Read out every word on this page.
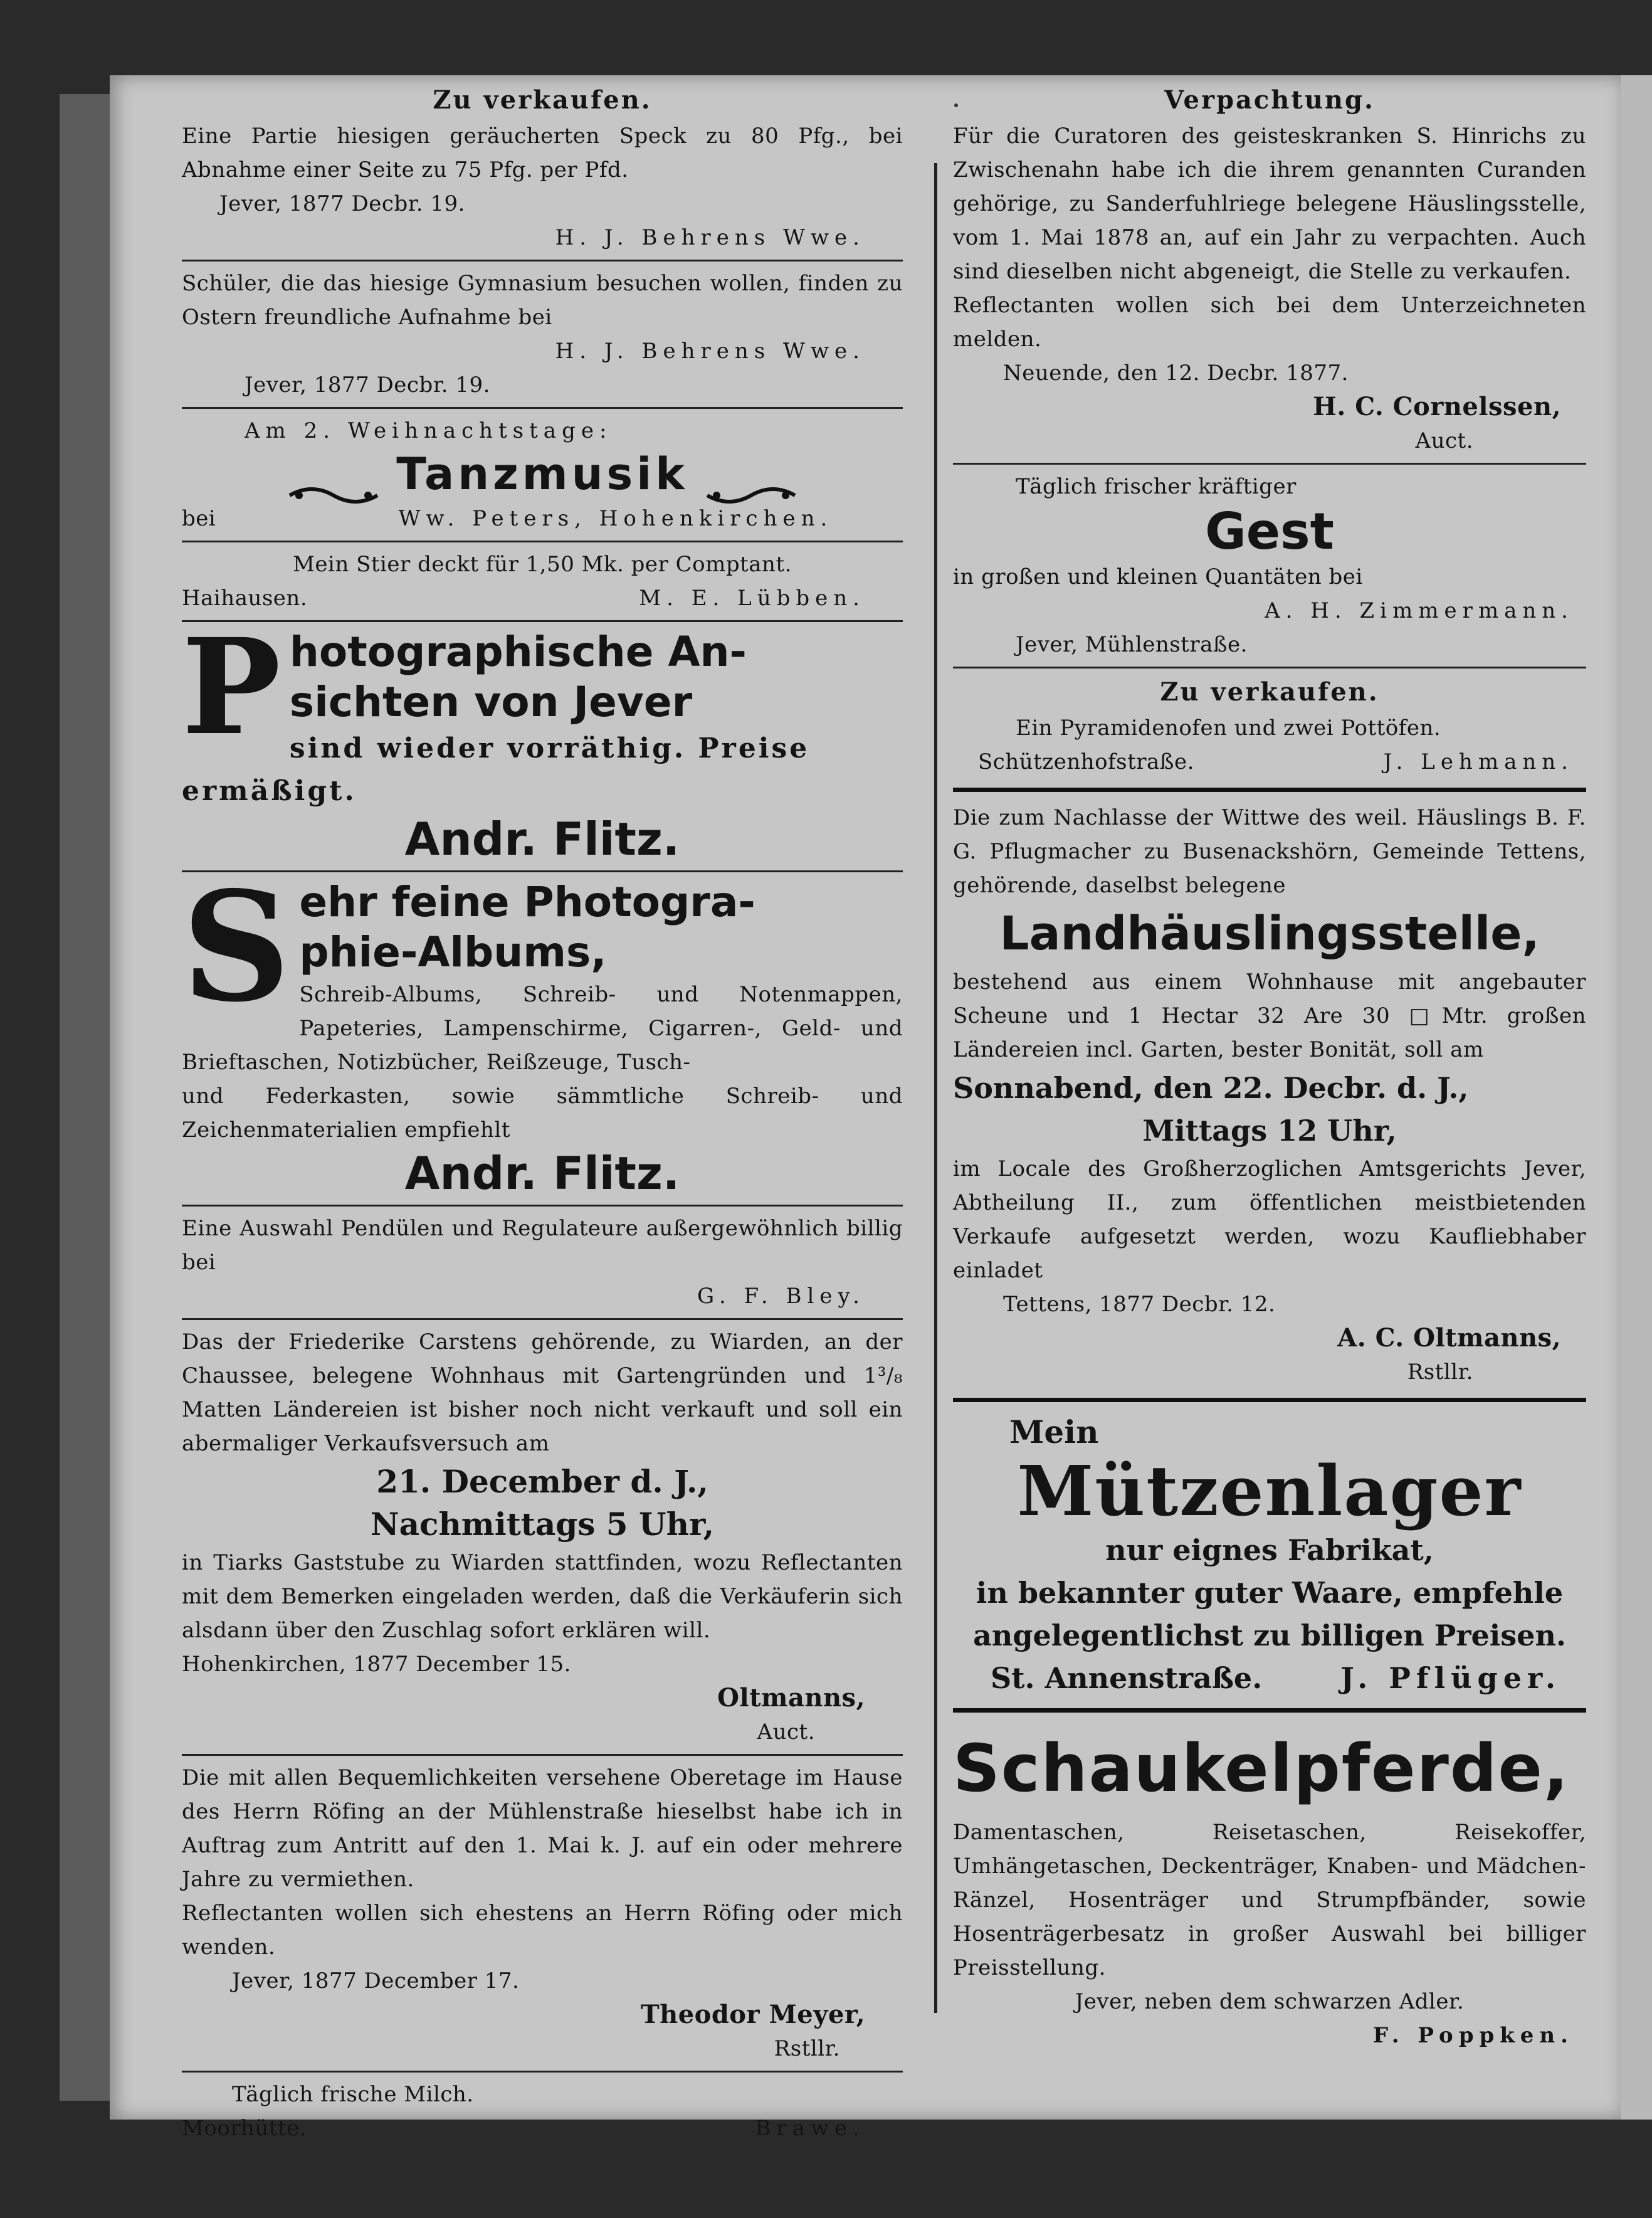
Zu verkaufen.
Eine Partie hiesigen geräucherten Speck zu 80 Pfg., bei Abnahme einer Seite zu 75 Pfg. per Pfd.
Jever, 1877 Decbr. 19.
H. J. Behrens Wwe.
Schüler, die das hiesige Gymnasium besuchen wollen, finden zu Ostern freundliche Aufnahme bei
H. J. Behrens Wwe.
Jever, 1877 Decbr. 19.
Am 2. Weihnachtstage:
Tanzmusik
bei	Ww. Peters, Hohenkirchen.
Mein Stier deckt für 1,50 Mk. per Comptant.
Haihausen.	M. E. Lübben.
P hotographische An-
sichten von Jever
sind wieder vorräthig. Preise
ermäßigt.
Andr. Flitz.
S ehr feine Photogra-
phie-Albums,
Schreib-Albums, Schreib- und Notenmappen, Papeteries, Lampenschirme, Cigarren-, Geld- und Brieftaschen, Notizbücher, Reißzeuge, Tusch-
und Federkasten, sowie sämmtliche Schreib- und Zeichenmaterialien empfiehlt
Andr. Flitz.
Eine Auswahl Pendülen und Regulateure außergewöhnlich billig bei
G. F. Bley.
Das der Friederike Carstens gehörende, zu Wiarden, an der Chaussee, belegene Wohnhaus mit Gartengründen und 1³/₈ Matten Ländereien ist bisher noch nicht verkauft und soll ein abermaliger Verkaufsversuch am
21. December d. J.,
Nachmittags 5 Uhr,
in Tiarks Gaststube zu Wiarden stattfinden, wozu Reflectanten mit dem Bemerken eingeladen werden, daß die Verkäuferin sich alsdann über den Zuschlag sofort erklären will.
Hohenkirchen, 1877 December 15.
Oltmanns,
Auct.
Die mit allen Bequemlichkeiten versehene Oberetage im Hause des Herrn Röfing an der Mühlenstraße hieselbst habe ich in Auftrag zum Antritt auf den 1. Mai k. J. auf ein oder mehrere Jahre zu vermiethen.
Reflectanten wollen sich ehestens an Herrn Röfing oder mich wenden.
Jever, 1877 December 17.
Theodor Meyer,
Rstllr.
Täglich frische Milch.
Moorhütte.	Brawe.
Verpachtung.
Für die Curatoren des geisteskranken S. Hinrichs zu Zwischenahn habe ich die ihrem genannten Curanden gehörige, zu Sanderfuhlriege belegene Häuslingsstelle, vom 1. Mai 1878 an, auf ein Jahr zu verpachten. Auch sind dieselben nicht abgeneigt, die Stelle zu verkaufen.
Reflectanten wollen sich bei dem Unterzeichneten melden.
Neuende, den 12. Decbr. 1877.
H. C. Cornelssen,
Auct.
Täglich frischer kräftiger
Gest
in großen und kleinen Quantäten bei
A. H. Zimmermann.
Jever, Mühlenstraße.
Zu verkaufen.
Ein Pyramidenofen und zwei Pottöfen.
Schützenhofstraße.	J. Lehmann.
Die zum Nachlasse der Wittwe des weil. Häuslings B. F. G. Pflugmacher zu Busenackshörn, Gemeinde Tettens, gehörende, daselbst belegene
Landhäuslingsstelle,
bestehend aus einem Wohnhause mit angebauter Scheune und 1 Hectar 32 Are 30 □Mtr. großen Ländereien incl. Garten, bester Bonität, soll am
Sonnabend, den 22. Decbr. d. J.,
Mittags 12 Uhr,
im Locale des Großherzoglichen Amtsgerichts Jever, Abtheilung II., zum öffentlichen meistbietenden Verkaufe aufgesetzt werden, wozu Kaufliebhaber einladet
Tettens, 1877 Decbr. 12.
A. C. Oltmanns,
Rstllr.
Mein
Mützenlager
nur eignes Fabrikat,
in bekannter guter Waare, empfehle
angelegentlichst zu billigen Preisen.
St. Annenstraße.	J. Pflüger.
Schaukelpferde,
Damentaschen, Reisetaschen, Reisekoffer, Umhängetaschen, Deckenträger, Knaben- und Mädchen-Ränzel, Hosenträger und Strumpfbänder, sowie Hosenträgerbesatz in großer Auswahl bei billiger Preisstellung.
Jever, neben dem schwarzen Adler.
F. Poppken.
